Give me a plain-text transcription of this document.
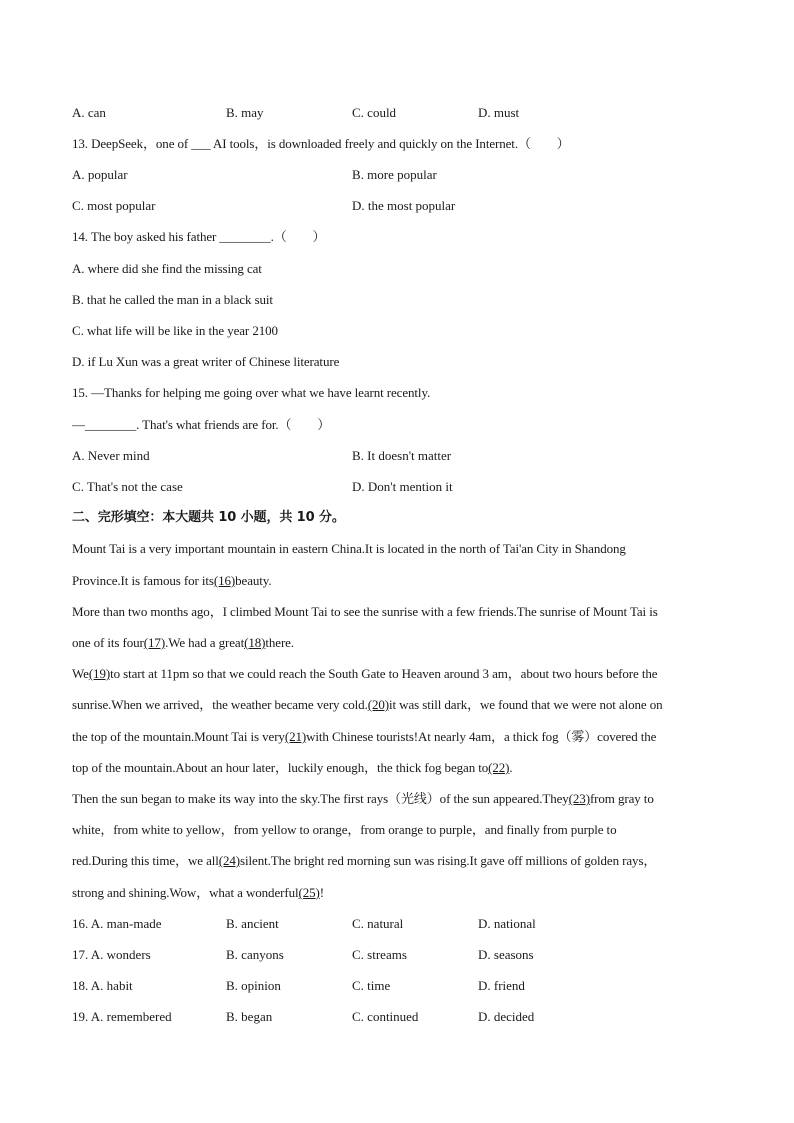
A. can	B. may	C. could	D. must
13. DeepSeek，one of ___ AI tools，is downloaded freely and quickly on the Internet.（　　）
A. popular	B. more popular
C. most popular	D. the most popular
14. The boy asked his father ________.（　　）
A. where did she find the missing cat
B. that he called the man in a black suit
C. what life will be like in the year 2100
D. if Lu Xun was a great writer of Chinese literature
15. —Thanks for helping me going over what we have learnt recently.
—________. That's what friends are for.（　　）
A. Never mind	B. It doesn't matter
C. That's not the case	D. Don't mention it
二、完形填空：本大题共 10 小题，共 10 分。
Mount Tai is a very important mountain in eastern China.It is located in the north of Tai'an City in Shandong
Province.It is famous for its(16)beauty.
More than two months ago，I climbed Mount Tai to see the sunrise with a few friends.The sunrise of Mount Tai is
one of its four(17).We had a great(18)there.
We(19)to start at 11pm so that we could reach the South Gate to Heaven around 3 am，about two hours before the
sunrise.When we arrived，the weather became very cold.(20)it was still dark，we found that we were not alone on
the top of the mountain.Mount Tai is very(21)with Chinese tourists!At nearly 4am，a thick fog（雾）covered the
top of the mountain.About an hour later，luckily enough，the thick fog began to(22).
Then the sun began to make its way into the sky.The first rays（光线）of the sun appeared.They(23)from gray to
white，from white to yellow，from yellow to orange，from orange to purple，and finally from purple to
red.During this time，we all(24)silent.The bright red morning sun was rising.It gave off millions of golden rays，
strong and shining.Wow，what a wonderful(25)!
16. A. man-made	B. ancient	C. natural	D. national
17. A. wonders	B. canyons	C. streams	D. seasons
18. A. habit	B. opinion	C. time	D. friend
19. A. remembered	B. began	C. continued	D. decided
